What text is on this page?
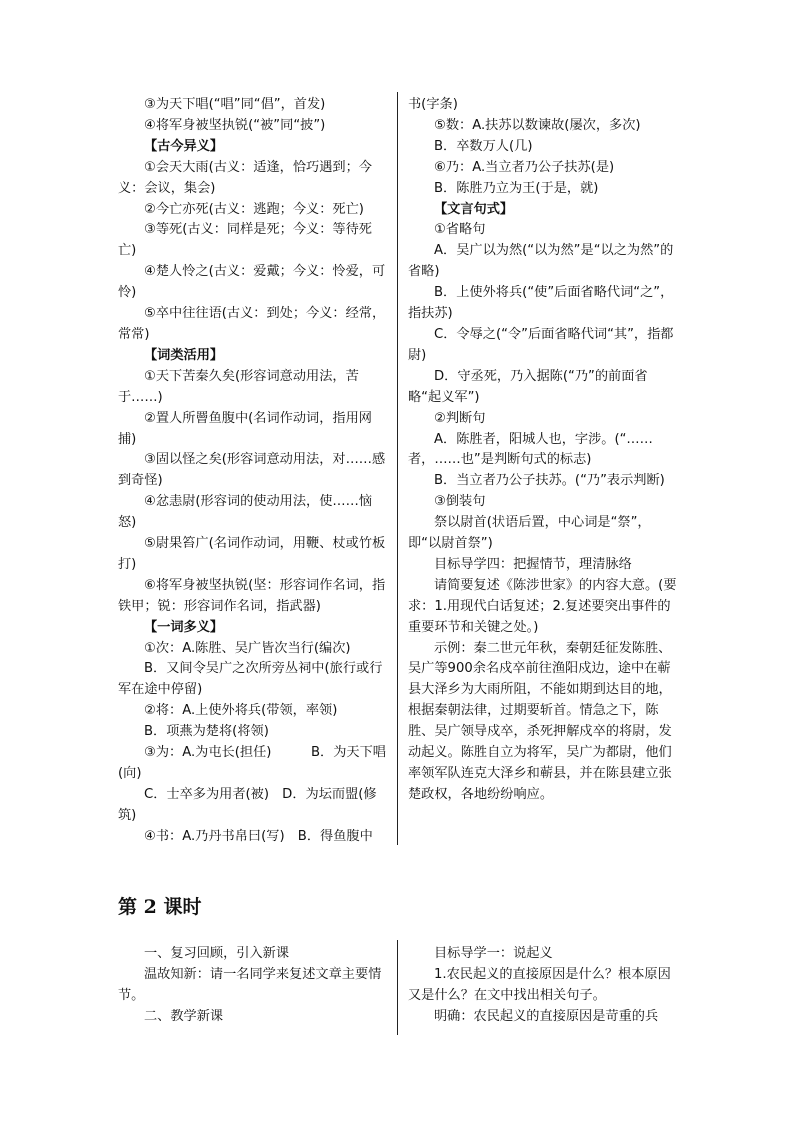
③为天下唱(“唱”同“倡”，首发)

④将军身被坚执锐(“被”同“披”)

【古今异义】

①会天大雨(古义：适逢，恰巧遇到；今义：会议，集会)

②今亡亦死(古义：逃跑；今义：死亡)

③等死(古义：同样是死；今义：等待死亡)

④楚人怜之(古义：爱戴；今义：怜爱，可怜)

⑤卒中往往语(古义：到处；今义：经常，常常)

【词类活用】

①天下苦秦久矣(形容词意动用法，苦于……)

②置人所罾鱼腹中(名词作动词，指用网捕)

③固以怪之矣(形容词意动用法，对……感到奇怪)

④忿恚尉(形容词的使动用法，使……恼怒)

⑤尉果笞广(名词作动词，用鞭、杖或竹板打)

⑥将军身被坚执锐(坚：形容词作名词，指铁甲；锐：形容词作名词，指武器)

【一词多义】

①次：A.陈胜、吴广皆次当行(编次)

B．又间令吴广之次所旁丛祠中(旅行或行军在途中停留)

②将：A.上使外将兵(带领，率领)

B．项燕为楚将(将领)

③为：A.为屯长(担任)　　　B．为天下唱(向)

C．士卒多为用者(被)　D．为坛而盟(修筑)

④书：A.乃丹书帛曰(写)　B．得鱼腹中

书(字条)

⑤数：A.扶苏以数谏故(屡次，多次)

B．卒数万人(几)

⑥乃：A.当立者乃公子扶苏(是)

B．陈胜乃立为王(于是，就)

【文言句式】

①省略句

A．吴广以为然(“以为然”是“以之为然”的省略)

B．上使外将兵(“使”后面省略代词“之”，指扶苏)

C．令辱之(“令”后面省略代词“其”，指都尉)

D．守丞死，乃入据陈(“乃”的前面省略“起义军”)

②判断句

A．陈胜者，阳城人也，字涉。(“……者，……也”是判断句式的标志)

B．当立者乃公子扶苏。(“乃”表示判断)

③倒装句

祭以尉首(状语后置，中心词是“祭”，即“以尉首祭”)

目标导学四：把握情节，理清脉络

请简要复述《陈涉世家》的内容大意。(要求：1.用现代白话复述；2.复述要突出事件的重要环节和关键之处。)

示例：秦二世元年秋，秦朝廷征发陈胜、吴广等900余名戍卒前往渔阳戍边，途中在蕲县大泽乡为大雨所阻，不能如期到达目的地，根据秦朝法律，过期要斩首。情急之下，陈胜、吴广领导戍卒，杀死押解戍卒的将尉，发动起义。陈胜自立为将军，吴广为都尉，他们率领军队连克大泽乡和蕲县，并在陈县建立张楚政权，各地纷纷响应。

第 2 课时

一、复习回顾，引入新课

温故知新：请一名同学来复述文章主要情节。

二、教学新课

目标导学一：说起义

1.农民起义的直接原因是什么？根本原因又是什么？在文中找出相关句子。

明确：农民起义的直接原因是苛重的兵
